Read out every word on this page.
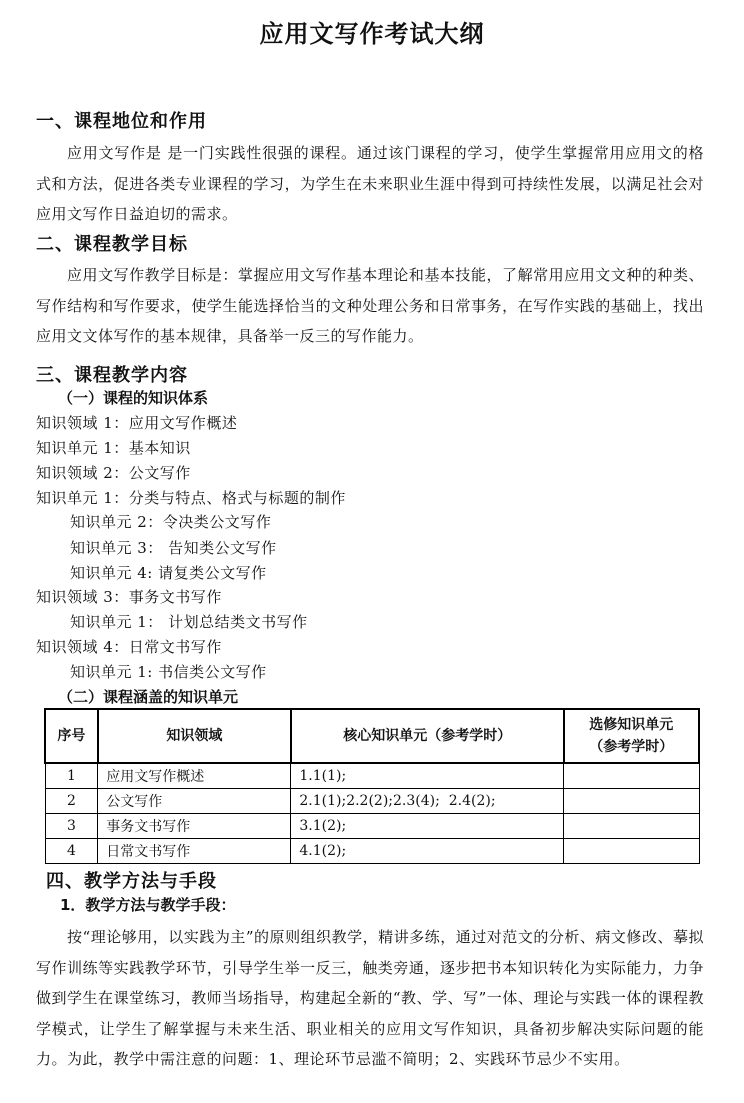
应用文写作考试大纲
一、课程地位和作用
应用文写作是 是一门实践性很强的课程。通过该门课程的学习，使学生掌握常用应用文的格式和方法，促进各类专业课程的学习，为学生在未来职业生涯中得到可持续性发展，以满足社会对应用文写作日益迫切的需求。
二、课程教学目标
应用文写作教学目标是：掌握应用文写作基本理论和基本技能，了解常用应用文文种的种类、写作结构和写作要求，使学生能选择恰当的文种处理公务和日常事务，在写作实践的基础上，找出应用文文体写作的基本规律，具备举一反三的写作能力。
三、课程教学内容
（一）课程的知识体系
知识领域 1：应用文写作概述
知识单元 1：基本知识
知识领域 2：公文写作
知识单元 1：分类与特点、格式与标题的制作
知识单元 2：令决类公文写作
知识单元 3： 告知类公文写作
知识单元 4: 请复类公文写作
知识领域 3：事务文书写作
知识单元 1： 计划总结类文书写作
知识领域 4：日常文书写作
知识单元 1: 书信类公文写作
（二）课程涵盖的知识单元
序号	知识领域	核心知识单元（参考学时）	选修知识单元
（参考学时）

1	应用文写作概述	1.1(1);	
2	公文写作	2.1(1);2.2(2);2.3(4);  2.4(2);	
3	事务文书写作	3.1(2);	
4	日常文书写作	4.1(2);	
四、教学方法与手段
1．教学方法与教学手段：
按“理论够用，以实践为主”的原则组织教学，精讲多练，通过对范文的分析、病文修改、摹拟写作训练等实践教学环节，引导学生举一反三，触类旁通，逐步把书本知识转化为实际能力，力争做到学生在课堂练习，教师当场指导，构建起全新的“教、学、写”一体、理论与实践一体的课程教学模式，让学生了解掌握与未来生活、职业相关的应用文写作知识，具备初步解决实际问题的能力。为此，教学中需注意的问题：1、理论环节忌滥不简明；2、实践环节忌少不实用。
